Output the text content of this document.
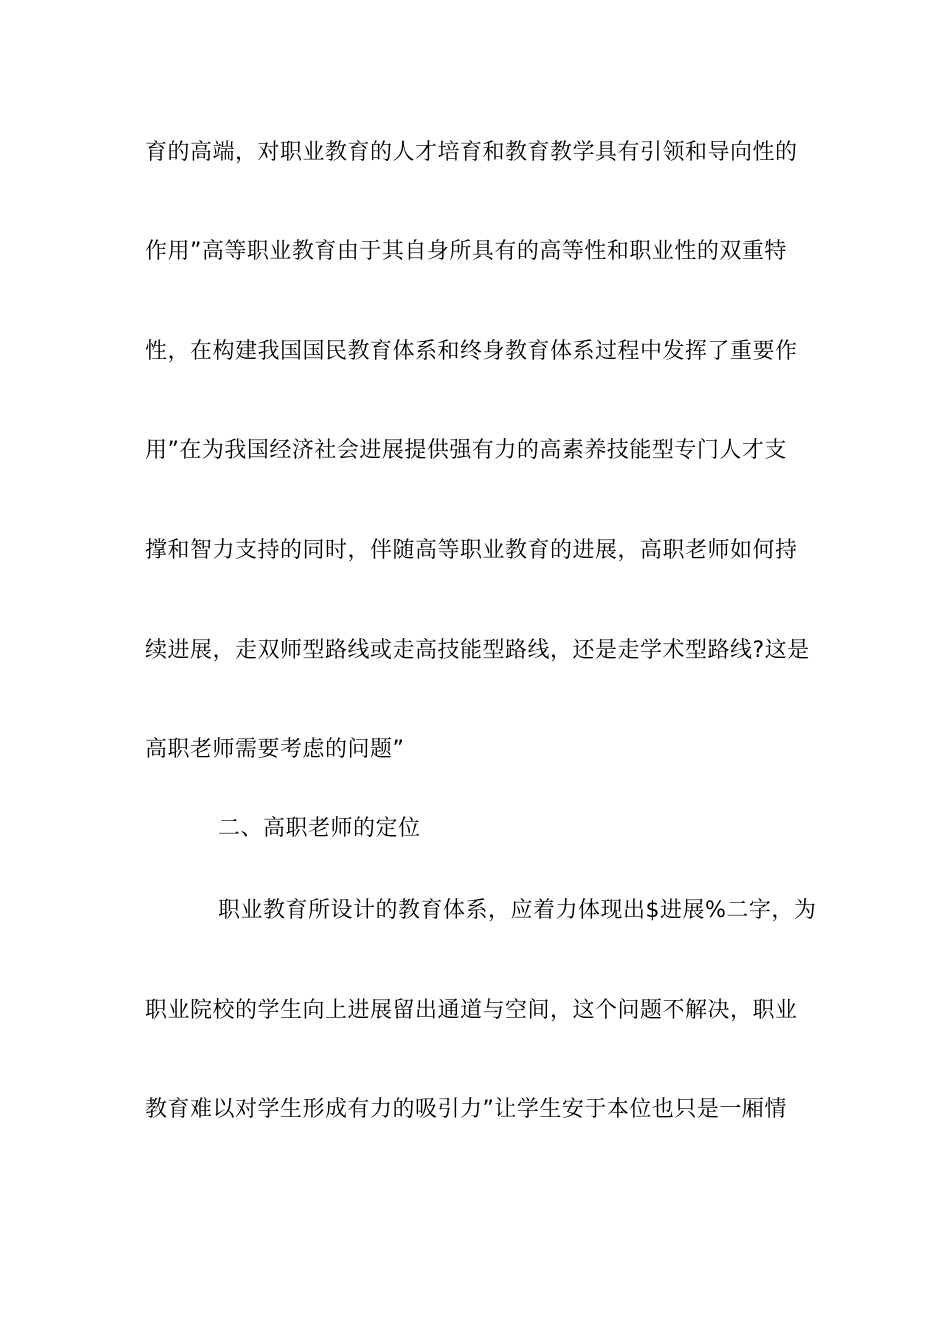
育的高端，对职业教育的人才培育和教育教学具有引领和导向性的
作用”高等职业教育由于其自身所具有的高等性和职业性的双重特
性，在构建我国国民教育体系和终身教育体系过程中发挥了重要作
用”在为我国经济社会进展提供强有力的高素养技能型专门人才支
撑和智力支持的同时，伴随高等职业教育的进展，高职老师如何持
续进展，走双师型路线或走高技能型路线，还是走学术型路线?这是
高职老师需要考虑的问题”
二、高职老师的定位
职业教育所设计的教育体系，应着力体现出$进展%二字，为
职业院校的学生向上进展留出通道与空间，这个问题不解决，职业
教育难以对学生形成有力的吸引力”让学生安于本位也只是一厢情
